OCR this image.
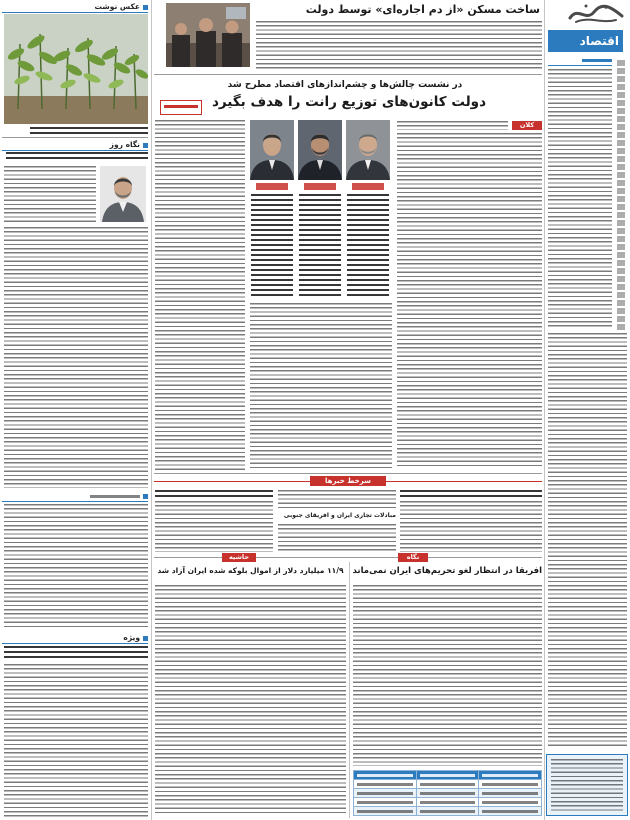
اقتصاد
عکس نوشت
نگاه روز
ویژه
ساخت مسکن «از دم اجاره‌ای» توسط دولت
در نشست چالش‌ها و چشم‌اندازهای اقتصاد مطرح شد
دولت کانون‌های توزیع رانت را هدف بگیرد
کلان
سرخط خبرها
مبادلات تجاری ایران و آفریقای جنوبی
نگاه
حاشیه
افریقا در انتظار لغو تحریم‌های ایران نمی‌ماند
۱۱/۹ میلیارد دلار از اموال بلوکه شده ایران آزاد شد
